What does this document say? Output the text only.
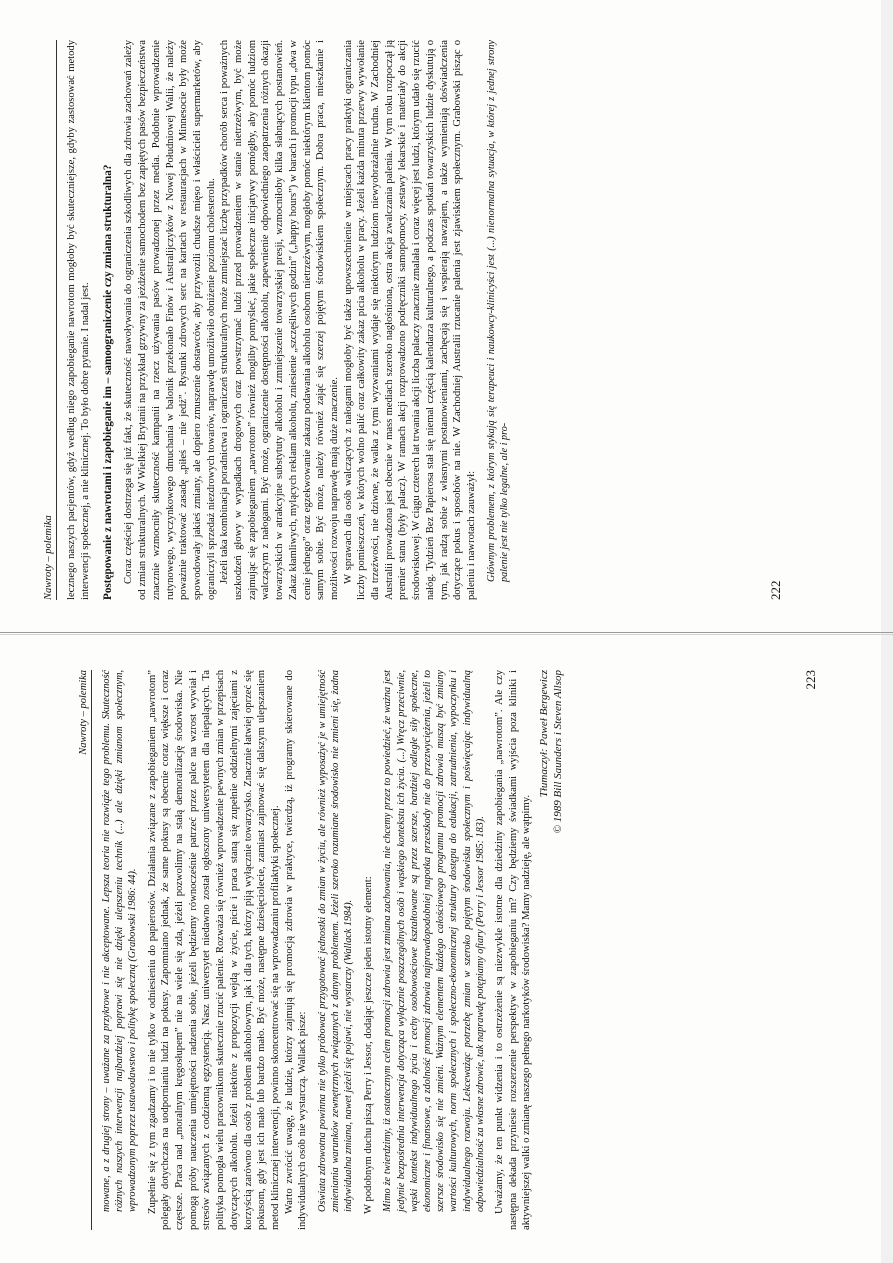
Nawroty – polemika lecznego naszych pacjentów, gdyż według niego zapobieganie nawrotom mogłoby być skuteczniejsze, gdyby zastosować metody interwencji społecznej, a nie klinicznej. To było dobre pytanie. I nadal jest. Postępowanie z nawrotami i zapobieganie im – samoograniczenie czy zmiana strukturalna? Coraz częściej dostrzega się już fakt, że skuteczność nawoływania do ograniczenia szkodliwych dla zdrowia zachowań zależy od zmian strukturalnych. W Wielkiej Brytanii na przykład grzywny za jeżdżenie samochodem bez zapiętych pasów bezpieczeństwa znacznie wzmocniły skuteczność kampanii na rzecz używania pasów prowadzonej przez media. Podobnie wprowadzenie rutynowego, wyczynkowego dmuchania w balonik przekonało Finów i Australijczyków z Nowej Południowej Walii, że należy poważnie traktować zasadę „piłeś – nie jedź”. Rysunki zdrowych serc na kartach w restauracjach w Minnesocie były może spowodowały jakieś zmiany, ale dopiero zmuszenie dostawców, aby przywozili chudsze mięso i właścicieli supermarketów, aby ograniczyli sprzedaż niezdrowych towarów, naprawdę umożliwiło obniżenie poziomu cholesterolu. Jeżeli taka kombinacja poradnictwa i ograniczeń strukturalnych może zmniejszać liczbę przypadków chorób serca i poważnych uszkodzeń głowy w wypadkach drogowych oraz powstrzymać ludzi przed prowadzeniem w stanie nietrzeźwym, być może zajmując się zapobieganiem „nawrotom” również mogliby pomyśleć, jakie społeczne inicjatywy pomógłby, aby pomóc ludziom walczącym z nałogami. Być może, ograniczenie dostępności alkoholu, zapewnienie odpowiedniego zaopatrzenia różnych okazji towarzyskich w atrakcyjne substytuty alkoholu i zmniejszenie towarzyskiej presji, wzmocniłoby kilka słabnących postanowień. Zakaz kłamliwych, mylących reklam alkoholu, zniesienie „szczęśliwych godzin” („happy hours”) w barach i promocji typu „dwa w cenie jednego” oraz egzekwowanie zakazu podawania alkoholu osobom nietrzeźwym, mogłoby pomóc niektórym klientom pomóc samym sobie. Być może, należy również zająć się szerzej pojętym środowiskiem społecznym. Dobra praca, mieszkanie i możliwości rozwoju naprawdę mają duże znaczenie. W sprawach dla osób walczących z nałogami mogłoby być także upowszechnienie w miejscach pracy praktyki ograniczania liczby pomieszczeń, w których wolno palić oraz całkowity zakaz picia alkoholu w pracy. Jeżeli każda minuta przerwy wywołanie dla trzeźwości, nie dziwne, że walka z tymi wyzwaniami wydaje się niektórym ludziom niewyobrażalnie trudna. W Zachodniej Australii prowadzona jest obecnie w mass mediach szeroko nagłośniona, ostra akcja zwalczania palenia. W tym roku rozpoczął ją premier stanu (były palacz). W ramach akcji rozprowadzono podręczniki samopomocy, zestawy lekarskie i materiały do akcji środowiskowej. W ciągu czterech lat trwania akcji liczba palaczy znacznie zmalała i coraz więcej jest ludzi, którym udało się rzucić nałóg. Tydzień Bez Papierosa stał się niemal częścią kalendarza kulturalnego, a podczas spotkań towarzyskich ludzie dyskutują o tym, jak radzą sobie z własnymi postanowieniami, zachęcają się i wspierają nawzajem, a także wymieniają doświadczenia dotyczące pokus i sposobów na nie. W Zachodniej Australii rzucanie palenia jest zjawiskiem społecznym. Grabowski pisząc o paleniu i nawrotach zauważył: Głównym problemem, z którym stykają się terapeuci i naukowcy-klinicyści jest (...) nienormalna sytuacja, w której z jednej strony palenie jest nie tylko legalne, ale i pro-
222
Nawroty – polemika mowane, a z drugiej strony – uważane za przykrowe i nie akceptowane. Lepsza teoria nie rozwiąże tego problemu. Skuteczność różnych naszych interwencji najbardziej poprawi się nie dzięki ulepszeniu technik (...) ale dzięki zmianom społecznym, wprowadzonym poprzez ustawodawstwo i politykę społeczną (Grabowski 1986: 44). Zupełnie się z tym zgadzamy i to nie tylko w odniesieniu do papierosów. Działania związane z zapobieganiem „nawrotom” polegały dotychczas na uodpornianiu ludzi na pokusy. Zapomniano jednak, że same pokusy są obecnie coraz większe i coraz częstsze. Praca nad „moralnym kręgosłupem” nie na wiele się zda, jeżeli pozwolimy na stałą demoralizację środowiska. Nie pomogą próby nauczenia umiejętności radzenia sobie, jeżeli będziemy równocześnie patrzeć przez palce na wzrost wywiał i stresów związanych z codzienną egzystencją. Nasz uniwersytet niedawno został ogłoszony uniwersytetem dla niepalących. Ta polityka pomogła wielu pracownikom skutecznie rzucić palenie. Rozważa się również wprowadzenie pewnych zmian w przepisach dotyczących alkoholu. Jeżeli niektóre z propozycji wejdą w życie, picie i praca staną się zupełnie oddzielnymi zajęciami z korzyścią zarówno dla osób z problem alkoholowym, jak i dla tych, którzy piją wyłącznie towarzysko. Znacznie łatwiej oprzeć się pokusom, gdy jest ich mało lub bardzo mało. Być może, następne dziesięciolecie, zamiast zajmować się dalszym ulepszaniem metod klinicznej interwencji, powinno skoncentrować się na wprowadzaniu profilaktyki społecznej. Warto zwrócić uwagę, że ludzie, którzy zajmują się promocją zdrowia w praktyce, twierdzą, iż programy skierowane do indywidualnych osób nie wystarczą. Wallack pisze: Oświata zdrowotna powinna nie tylko próbować przygotować jednostki do zmian w życiu, ale również wyposażyć je w umiejętność zmieniania warunków zewnętrznych związanych z danym problemem. Jeżeli szeroko rozumiane środowisko nie zmieni się, żadna indywidualna zmiana, nawet jeżeli się pojawi, nie wystarczy (Wallack 1984). W podobnym duchu piszą Perry i Jessor, dodając jeszcze jeden istotny element: Mimo że twierdzimy, iż ostatecznym celem promocji zdrowia jest zmiana zachowania, nie chcemy przez to powiedzieć, że ważna jest jedynie bezpośrednia interwencja dotycząca wyłącznie poszczególnych osób i wąskiego kontekstu ich życia. (...) Wręcz przeciwnie, wąski kontekst indywidualnego życia i cechy osobowościowe kształtowane są przez szersze, bardziej odległe siły społeczne, ekonomiczne i finansowe, a zdolność promocji zdrowia najprawdopodobniej napotka przeszkody nie do przezwyciężenia, jeżeli to szersze środowisko się nie zmieni. Ważnym elementem każdego całościowego programu promocji zdrowia muszą być zmiany wartości kulturowych, norm społecznych i społeczno-ekonomicznej struktury dostępu do edukacji, zatrudnienia, wypoczynku i indywidualnego rozwoju. Lekceważąc potrzebę zmian w szeroko pojętym środowisku społecznym i poświęcając indywidualną odpowiedzialność za własne zdrowie, tak naprawdę potępiamy ofiary (Perry i Jessor 1985: 183). Uważamy, że ten punkt widzenia i to ostrzeżenie są niezwykle istotne dla dziedziny zapobiegania „nawrotom”. Ale czy następna dekada przyniesie rozszerzenie perspektyw w zapobieganiu im? Czy będziemy świadkami wyjścia poza kliniki i aktywniejszej walki o zmianę naszego pełnego narkotyków środowiska? Mamy nadzieję, ale wątpimy.

Tłumaczył: Paweł Bergewicz © 1989 Bill Saunders i Steven Allsop	223
